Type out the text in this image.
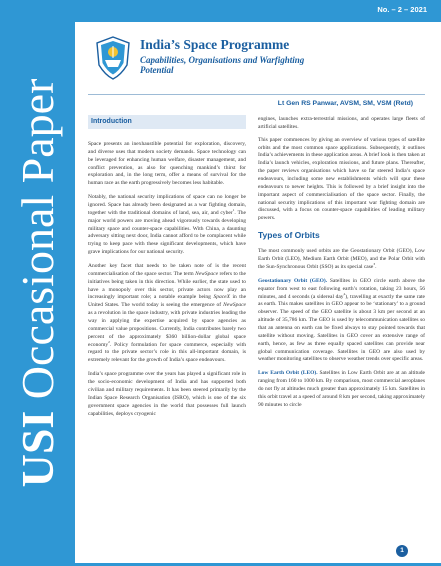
USI Occasional Paper
No. – 2 – 2021
India’s Space Programme
Capabilities, Organisations and Warfighting Potential
Lt Gen RS Panwar, AVSM, SM, VSM (Retd)
Introduction

Space presents an inexhaustible potential for exploration, discovery, and diverse uses that modern society demands. Space technology can be leveraged for enhancing human welfare, disaster management, and conflict prevention, as also for quenching mankind’s thirst for exploration and, in the long term, offer a means of survival for the human race as the earth progressively becomes less habitable.

Notably, the national security implications of space can no longer be ignored. Space has already been designated as a war fighting domain, together with the traditional domains of land, sea, air, and cyber$^1$. The major world powers are moving ahead vigorously towards developing military space and counter-space capabilities. With China, a daunting adversary sitting next door, India cannot afford to be complacent while trying to keep pace with these significant developments, which have grave implications for our national security.

Another key facet that needs to be taken note of is the recent commercialisation of the space sector. The term NewSpace refers to the initiatives being taken in this direction. While earlier, the state used to have a monopoly over this sector, private actors now play an increasingly important role; a notable example being SpaceX in the United States. The world today is seeing the emergence of NewSpace as a revolution in the space industry, with private industries leading the way in applying the expertise acquired by space agencies as commercial value propositions. Currently, India contributes barely two percent of the approximately $360 billion-dollar global space economy$^2$. Policy formulation for space commerce, especially with regard to the private sector’s role in this all-important domain, is extremely relevant for the growth of India’s space endeavours.

India’s space programme over the years has played a significant role in the socio-economic development of India and has supported both civilian and military requirements. It has been steered primarily by the Indian Space Research Organisation (ISRO), which is one of the six government space agencies in the world that possesses full launch capabilities, deploys cryogenic

engines, launches extra-terrestrial missions, and operates large fleets of artificial satellites.

This paper commences by giving an overview of various types of satellite orbits and the most common space applications. Subsequently, it outlines India’s achievements in these application areas. A brief look is then taken at India’s launch vehicles, exploration missions, and future plans. Thereafter, the paper reviews organisations which have so far steered India’s space endeavours, including some new establishments which will spur these endeavours to newer heights. This is followed by a brief insight into the important aspect of commercialisation of the space sector. Finally, the national security implications of this important war fighting domain are discussed, with a focus on counter-space capabilities of leading military powers.

Types of Orbits

The most commonly used orbits are the Geostationary Orbit (GEO), Low Earth Orbit (LEO), Medium Earth Orbit (MEO), and the Polar Orbit with the Sun-Synchronous Orbit (SSO) as its special case$^3$.

Geostationary Orbit (GEO). Satellites in GEO circle earth above the equator from west to east following earth’s rotation, taking 23 hours, 56 minutes, and 4 seconds (a sidereal day$^4$), travelling at exactly the same rate as earth. This makes satellites in GEO appear to be ‘stationary’ to a ground observer. The speed of the GEO satellite is about 3 km per second at an altitude of 35,786 km. The GEO is used by telecommunication satellites so that an antenna on earth can be fixed always to stay pointed towards that satellite without moving. Satellites in GEO cover an extensive range of earth, hence, as few as three equally spaced satellites can provide near global communication coverage. Satellites in GEO are also used by weather monitoring satellites to observe weather trends over specific areas.

Low Earth Orbit (LEO). Satellites in Low Earth Orbit are at an altitude ranging from 160 to 1000 km. By comparison, most commercial aeroplanes do not fly at altitudes much greater than approximately 15 km. Satellites in this orbit travel at a speed of around 8 km per second, taking approximately 90 minutes to circle

1
